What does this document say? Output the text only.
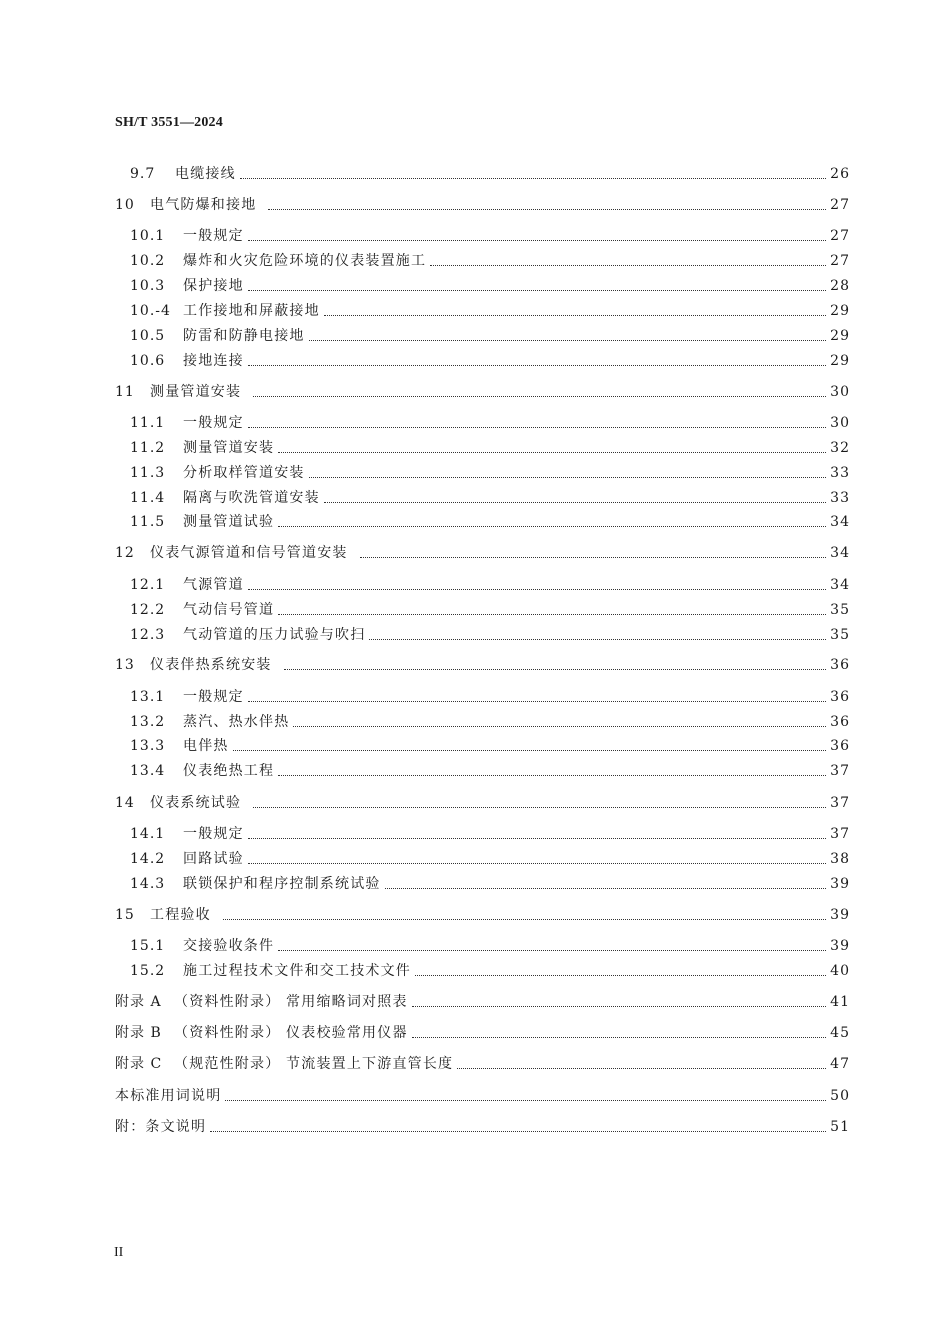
SH/T 3551—2024
9.7 电缆接线	26
10 电气防爆和接地	27
10.1 一般规定	27
10.2 爆炸和火灾危险环境的仪表装置施工	27
10.3 保护接地	28
10.-4 工作接地和屏蔽接地	29
10.5 防雷和防静电接地	29
10.6 接地连接	29
11 测量管道安装	30
11.1 一般规定	30
11.2 测量管道安装	32
11.3 分析取样管道安装	33
11.4 隔离与吹洗管道安装	33
11.5 测量管道试验	34
12 仪表气源管道和信号管道安装	34
12.1 气源管道	34
12.2 气动信号管道	35
12.3 气动管道的压力试验与吹扫	35
13 仪表伴热系统安装	36
13.1 一般规定	36
13.2 蒸汽、热水伴热	36
13.3 电伴热	36
13.4 仪表绝热工程	37
14 仪表系统试验	37
14.1 一般规定	37
14.2 回路试验	38
14.3 联锁保护和程序控制系统试验	39
15 工程验收	39
15.1 交接验收条件	39
15.2 施工过程技术文件和交工技术文件	40
附录 A （资料性附录） 常用缩略词对照表	41
附录 B （资料性附录） 仪表校验常用仪器	45
附录 C （规范性附录） 节流装置上下游直管长度	47
本标准用词说明	50
附：条文说明	51
II
